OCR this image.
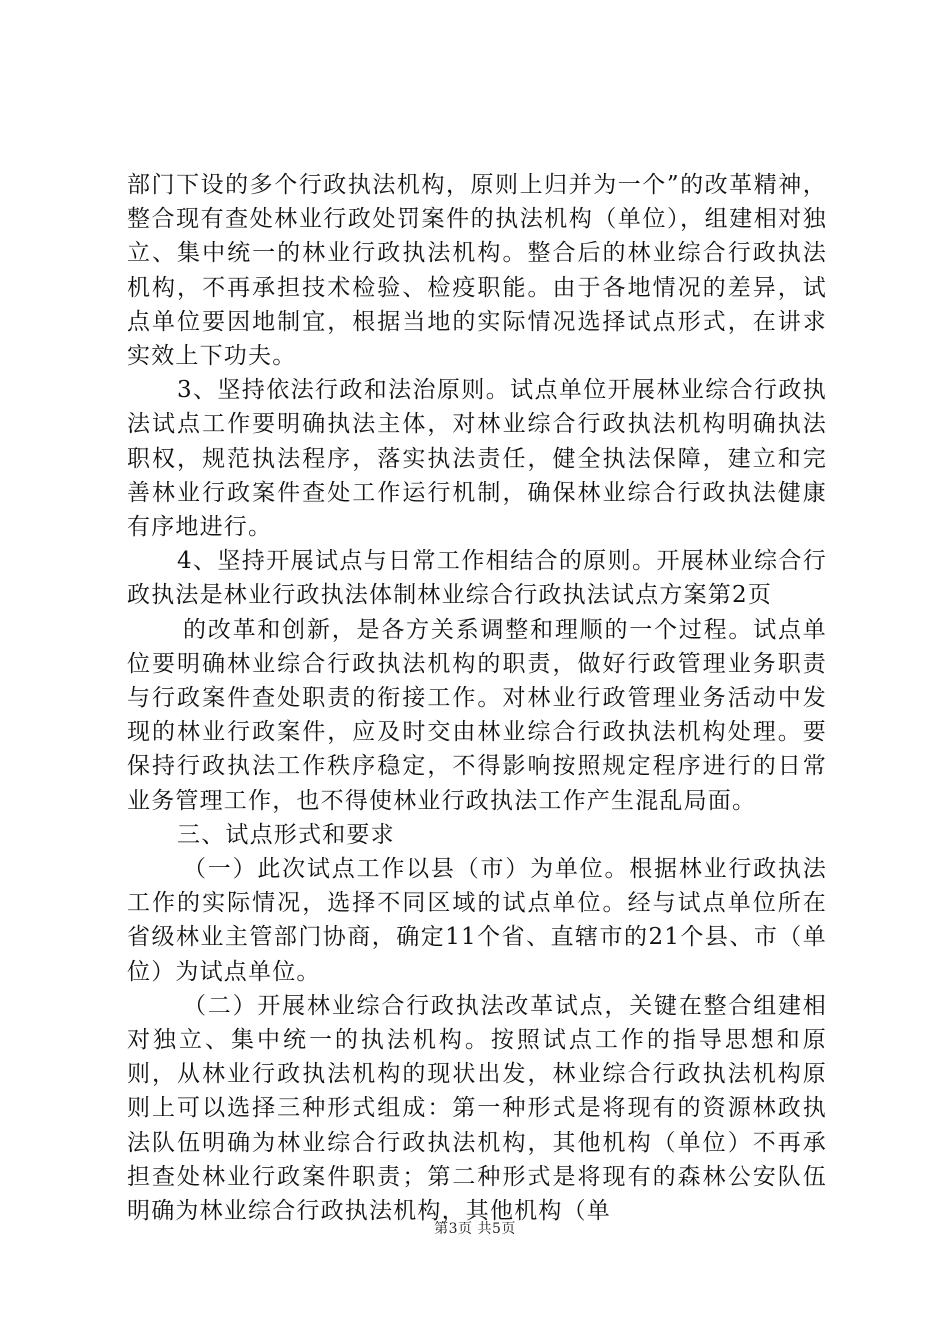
部门下设的多个行政执法机构，原则上归并为一个”的改革精神，整合现有查处林业行政处罚案件的执法机构（单位），组建相对独立、集中统一的林业行政执法机构。整合后的林业综合行政执法机构，不再承担技术检验、检疫职能。由于各地情况的差异，试点单位要因地制宜，根据当地的实际情况选择试点形式，在讲求实效上下功夫。

3、坚持依法行政和法治原则。试点单位开展林业综合行政执法试点工作要明确执法主体，对林业综合行政执法机构明确执法职权，规范执法程序，落实执法责任，健全执法保障，建立和完善林业行政案件查处工作运行机制，确保林业综合行政执法健康有序地进行。

4、坚持开展试点与日常工作相结合的原则。开展林业综合行政执法是林业行政执法体制林业综合行政执法试点方案第2页

的改革和创新，是各方关系调整和理顺的一个过程。试点单位要明确林业综合行政执法机构的职责，做好行政管理业务职责与行政案件查处职责的衔接工作。对林业行政管理业务活动中发现的林业行政案件，应及时交由林业综合行政执法机构处理。要保持行政执法工作秩序稳定，不得影响按照规定程序进行的日常业务管理工作，也不得使林业行政执法工作产生混乱局面。

三、试点形式和要求

（一）此次试点工作以县（市）为单位。根据林业行政执法工作的实际情况，选择不同区域的试点单位。经与试点单位所在省级林业主管部门协商，确定11个省、直辖市的21个县、市（单位）为试点单位。

（二）开展林业综合行政执法改革试点，关键在整合组建相对独立、集中统一的执法机构。按照试点工作的指导思想和原则，从林业行政执法机构的现状出发，林业综合行政执法机构原则上可以选择三种形式组成：第一种形式是将现有的资源林政执法队伍明确为林业综合行政执法机构，其他机构（单位）不再承担查处林业行政案件职责；第二种形式是将现有的森林公安队伍明确为林业综合行政执法机构，其他机构（单

第3页 共5页
